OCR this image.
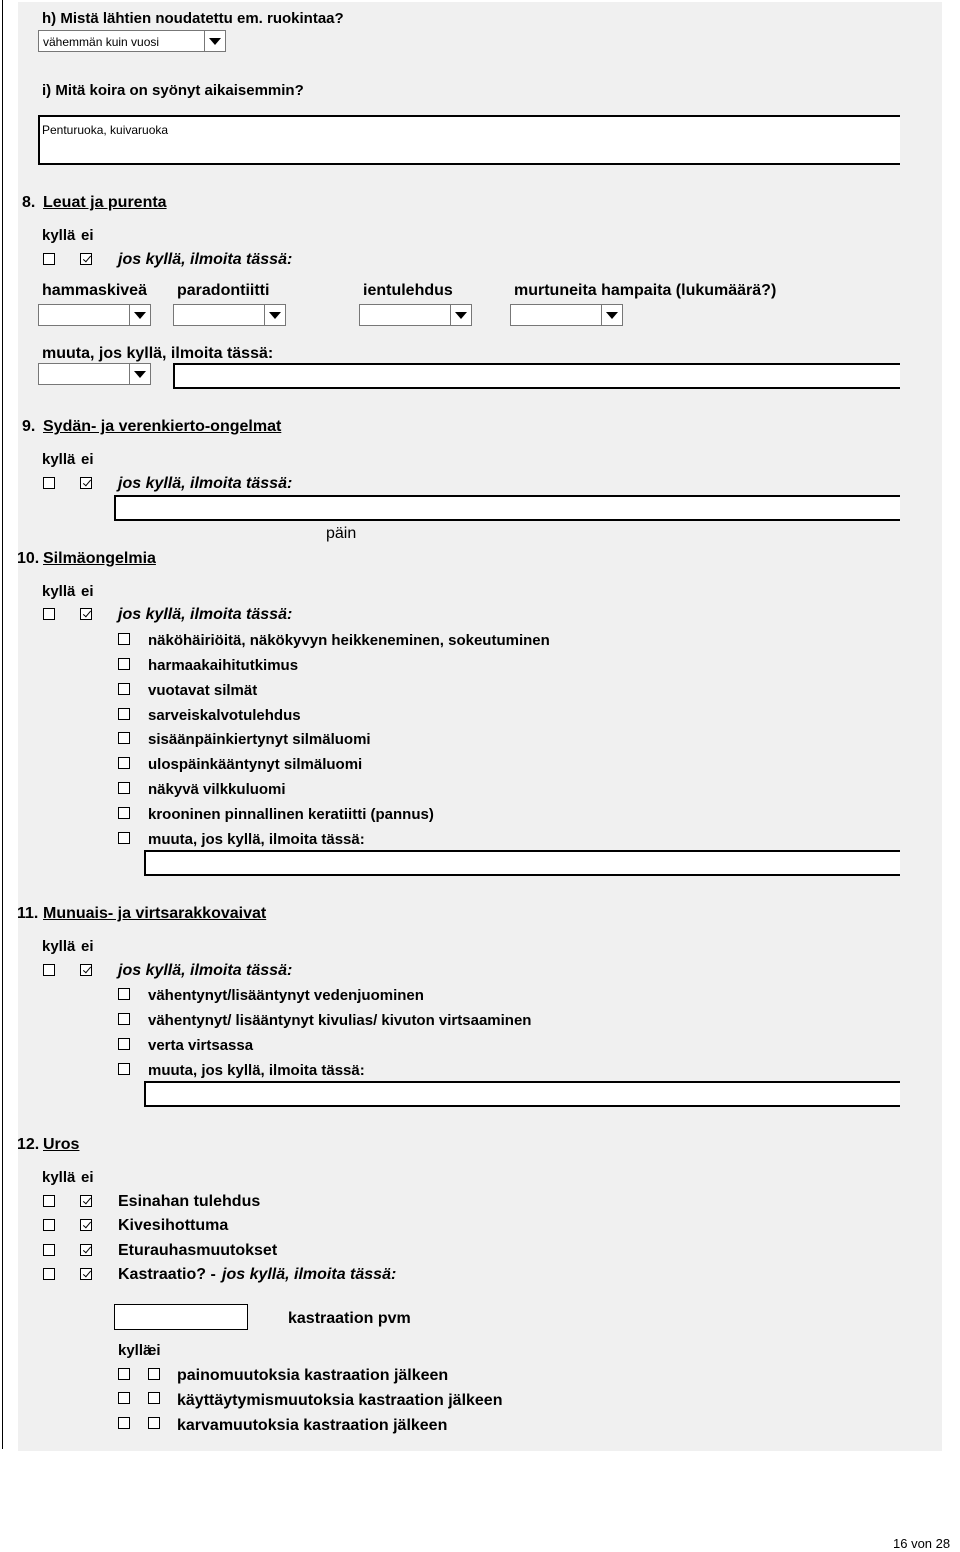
h) Mistä lähtien noudatettu em. ruokintaa?
vähemmän kuin vuosi
i) Mitä koira on syönyt aikaisemmin?
Penturuoka, kuivaruoka
8. Leuat ja purenta
kyllä ei
jos kyllä, ilmoita tässä:
hammaskiveä paradontiitti	ientulehdus	murtuneita hampaita (lukumäärä?)
muuta, jos kyllä, ilmoita tässä:
9. Sydän- ja verenkierto-ongelmat
kyllä ei
jos kyllä, ilmoita tässä:
päin
10. Silmäongelmia
kyllä ei
jos kyllä, ilmoita tässä:
näköhäiriöitä, näkökyvyn heikkeneminen, sokeutuminen
harmaakaihitutkimus
vuotavat silmät
sarveiskalvotulehdus
sisäänpäinkiertynyt silmäluomi
ulospäinkääntynyt silmäluomi
näkyvä vilkkuluomi
krooninen pinnallinen keratiitti (pannus)
muuta, jos kyllä, ilmoita tässä:
11. Munuais- ja virtsarakkovaivat
kyllä ei
jos kyllä, ilmoita tässä:
vähentynyt/lisääntynyt vedenjuominen
vähentynyt/ lisääntynyt kivulias/ kivuton virtsaaminen
verta virtsassa
muuta, jos kyllä, ilmoita tässä:
12. Uros
kyllä ei
Esinahan tulehdus
Kivesihottuma
Eturauhasmuutokset
Kastraatio? - jos kyllä, ilmoita tässä:
kastraation pvm
kyllä
ei
painomuutoksia kastraation jälkeen
käyttäytymismuutoksia kastraation jälkeen
karvamuutoksia kastraation jälkeen
16 von 28
